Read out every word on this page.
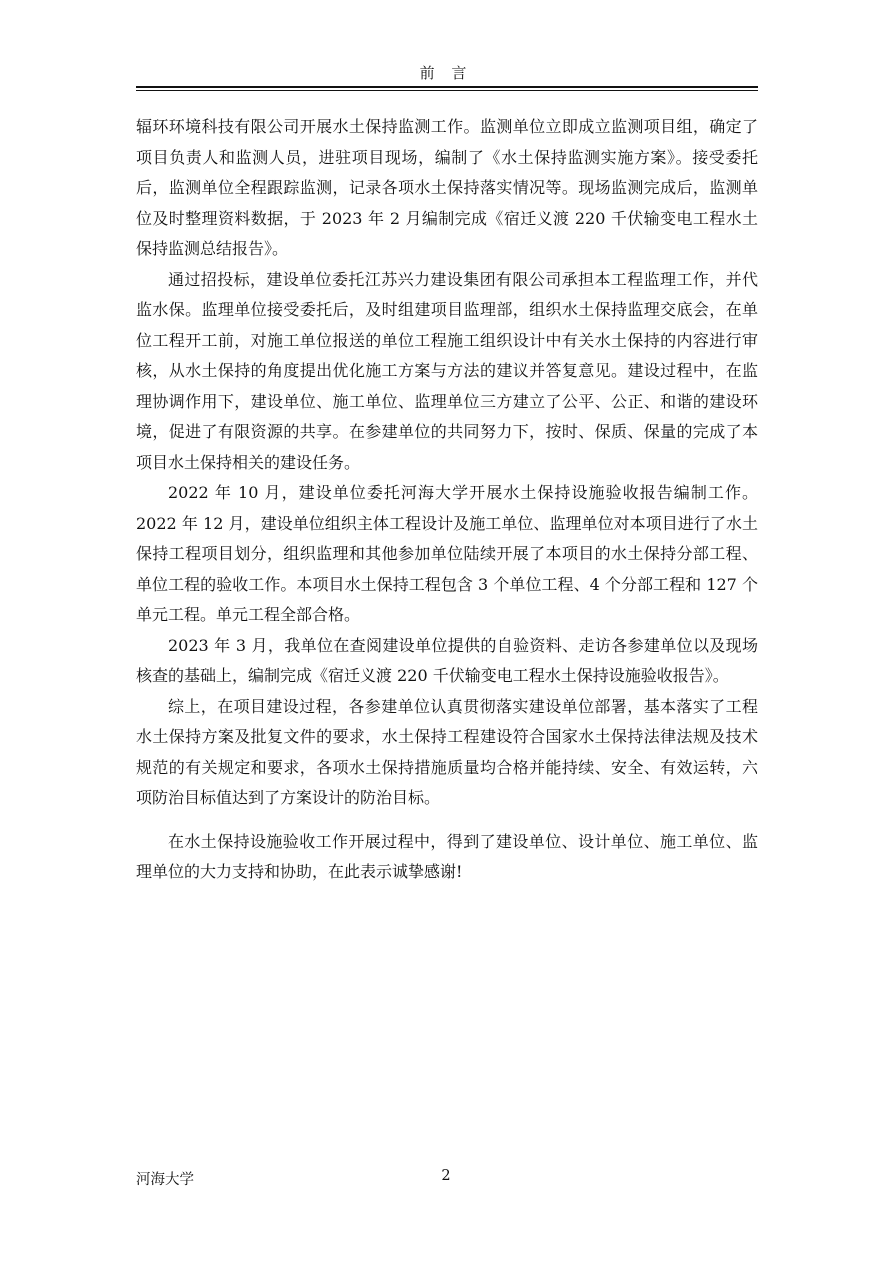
前 言

辐环环境科技有限公司开展水土保持监测工作。监测单位立即成立监测项目组，确定了项目负责人和监测人员，进驻项目现场，编制了《水土保持监测实施方案》。接受委托后，监测单位全程跟踪监测，记录各项水土保持落实情况等。现场监测完成后，监测单位及时整理资料数据，于 2023 年 2 月编制完成《宿迁义渡 220 千伏输变电工程水土保持监测总结报告》。

通过招投标，建设单位委托江苏兴力建设集团有限公司承担本工程监理工作，并代监水保。监理单位接受委托后，及时组建项目监理部，组织水土保持监理交底会，在单位工程开工前，对施工单位报送的单位工程施工组织设计中有关水土保持的内容进行审核，从水土保持的角度提出优化施工方案与方法的建议并答复意见。建设过程中，在监理协调作用下，建设单位、施工单位、监理单位三方建立了公平、公正、和谐的建设环境，促进了有限资源的共享。在参建单位的共同努力下，按时、保质、保量的完成了本项目水土保持相关的建设任务。

2022 年 10 月，建设单位委托河海大学开展水土保持设施验收报告编制工作。2022 年 12 月，建设单位组织主体工程设计及施工单位、监理单位对本项目进行了水土保持工程项目划分，组织监理和其他参加单位陆续开展了本项目的水土保持分部工程、单位工程的验收工作。本项目水土保持工程包含 3 个单位工程、4 个分部工程和 127 个单元工程。单元工程全部合格。

2023 年 3 月，我单位在查阅建设单位提供的自验资料、走访各参建单位以及现场核查的基础上，编制完成《宿迁义渡 220 千伏输变电工程水土保持设施验收报告》。

综上，在项目建设过程，各参建单位认真贯彻落实建设单位部署，基本落实了工程水土保持方案及批复文件的要求，水土保持工程建设符合国家水土保持法律法规及技术规范的有关规定和要求，各项水土保持措施质量均合格并能持续、安全、有效运转，六项防治目标值达到了方案设计的防治目标。

在水土保持设施验收工作开展过程中，得到了建设单位、设计单位、施工单位、监理单位的大力支持和协助，在此表示诚挚感谢!

河海大学	2
